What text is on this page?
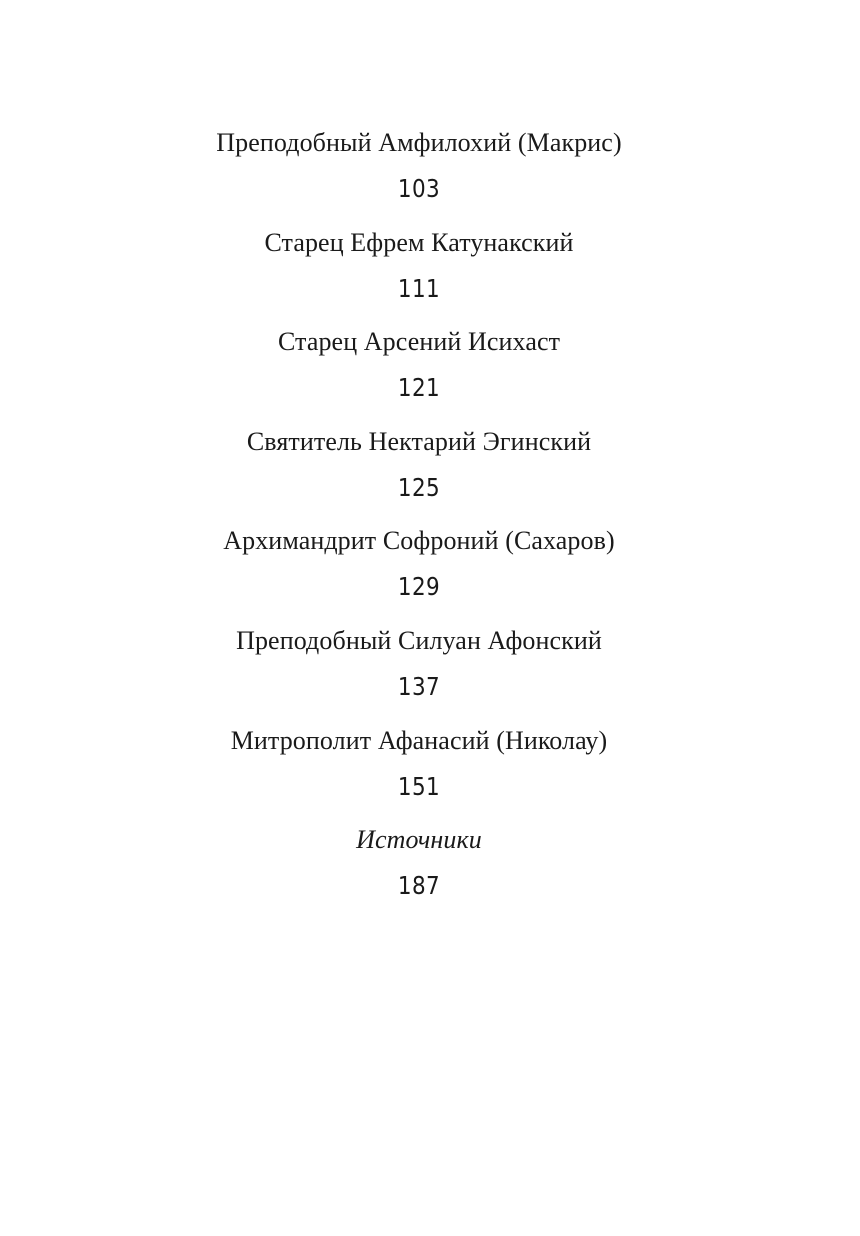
Преподобный Амфилохий (Макрис)
103
Старец Ефрем Катунакский
111
Старец Арсений Исихаст
121
Святитель Нектарий Эгинский
125
Архимандрит Софроний (Сахаров)
129
Преподобный Силуан Афонский
137
Митрополит Афанасий (Николау)
151
Источники
187
